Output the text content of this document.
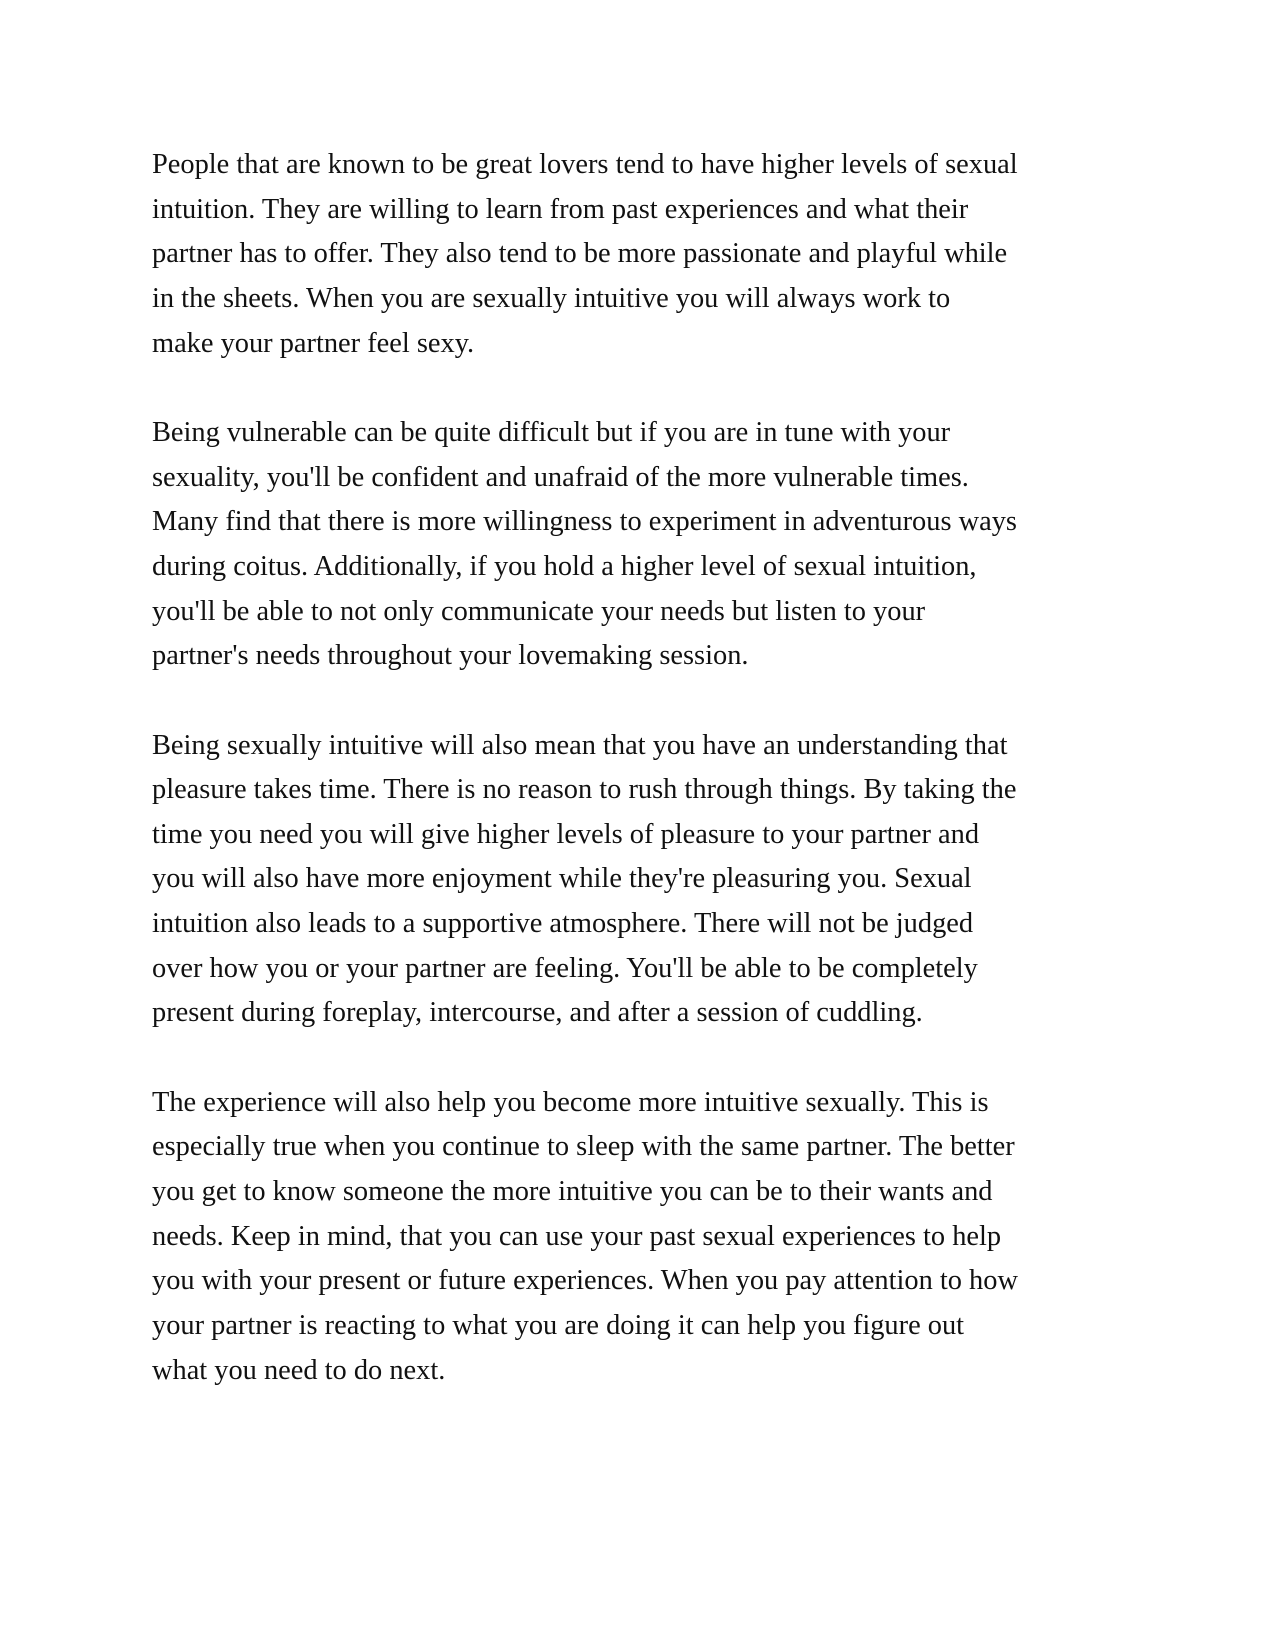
People that are known to be great lovers tend to have higher levels of sexual
intuition. They are willing to learn from past experiences and what their
partner has to offer. They also tend to be more passionate and playful while
in the sheets. When you are sexually intuitive you will always work to
make your partner feel sexy.

Being vulnerable can be quite difficult but if you are in tune with your
sexuality, you'll be confident and unafraid of the more vulnerable times.
Many find that there is more willingness to experiment in adventurous ways
during coitus. Additionally, if you hold a higher level of sexual intuition,
you'll be able to not only communicate your needs but listen to your
partner's needs throughout your lovemaking session.

Being sexually intuitive will also mean that you have an understanding that
pleasure takes time. There is no reason to rush through things. By taking the
time you need you will give higher levels of pleasure to your partner and
you will also have more enjoyment while they're pleasuring you. Sexual
intuition also leads to a supportive atmosphere. There will not be judged
over how you or your partner are feeling. You'll be able to be completely
present during foreplay, intercourse, and after a session of cuddling.

The experience will also help you become more intuitive sexually. This is
especially true when you continue to sleep with the same partner. The better
you get to know someone the more intuitive you can be to their wants and
needs. Keep in mind, that you can use your past sexual experiences to help
you with your present or future experiences. When you pay attention to how
your partner is reacting to what you are doing it can help you figure out
what you need to do next.
